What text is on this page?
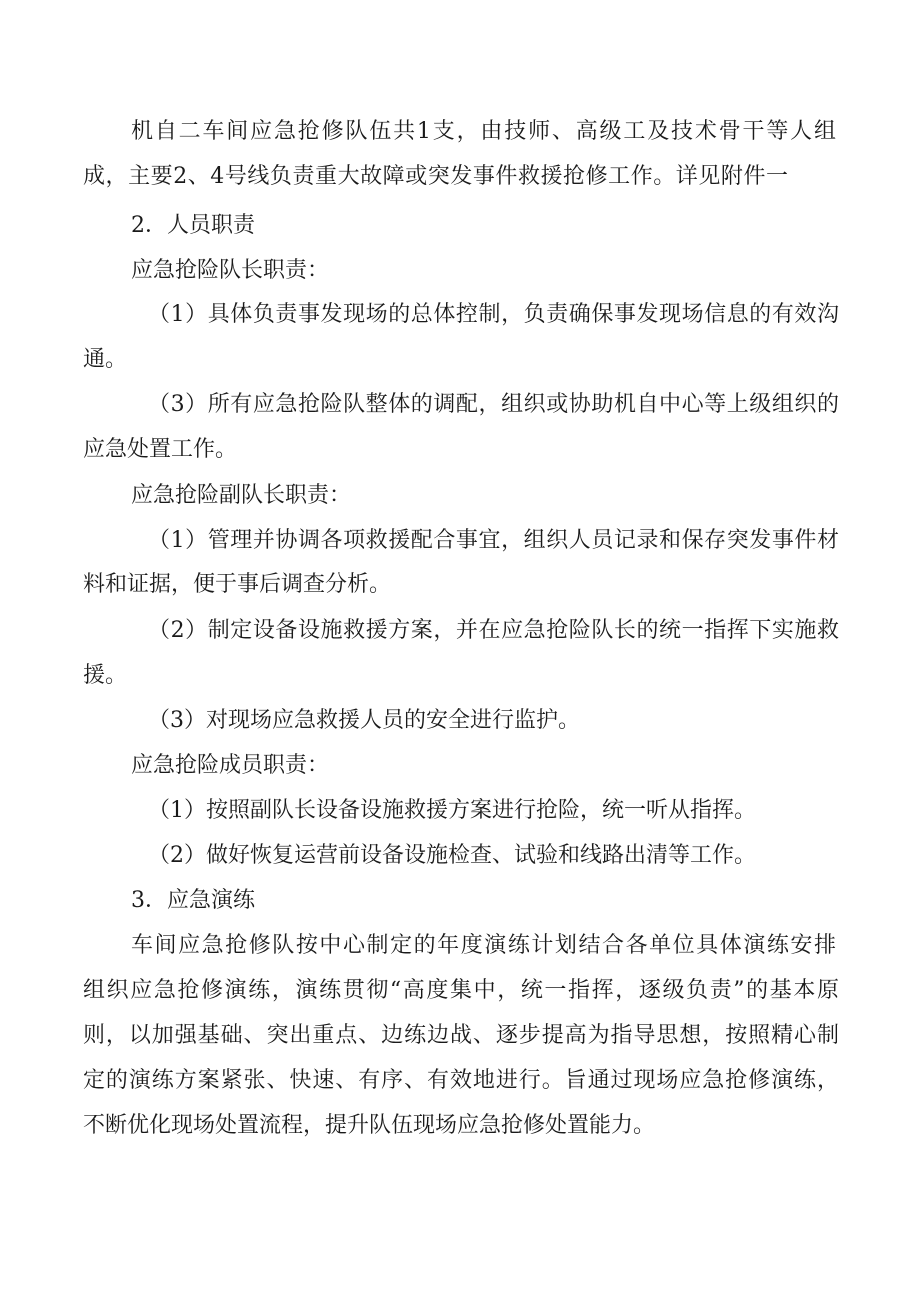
机自二车间应急抢修队伍共1支，由技师、高级工及技术骨干等人组
成，主要2、4号线负责重大故障或突发事件救援抢修工作。详见附件一
2．人员职责
应急抢险队长职责：
（1）具体负责事发现场的总体控制，负责确保事发现场信息的有效沟
通。
（3）所有应急抢险队整体的调配，组织或协助机自中心等上级组织的
应急处置工作。
应急抢险副队长职责：
（1）管理并协调各项救援配合事宜，组织人员记录和保存突发事件材
料和证据，便于事后调查分析。
（2）制定设备设施救援方案，并在应急抢险队长的统一指挥下实施救
援。
（3）对现场应急救援人员的安全进行监护。
应急抢险成员职责：
（1）按照副队长设备设施救援方案进行抢险，统一听从指挥。
（2）做好恢复运营前设备设施检查、试验和线路出清等工作。
3．应急演练
车间应急抢修队按中心制定的年度演练计划结合各单位具体演练安排
组织应急抢修演练，演练贯彻“高度集中，统一指挥，逐级负责”的基本原
则，以加强基础、突出重点、边练边战、逐步提高为指导思想，按照精心制
定的演练方案紧张、快速、有序、有效地进行。旨通过现场应急抢修演练，
不断优化现场处置流程，提升队伍现场应急抢修处置能力。
